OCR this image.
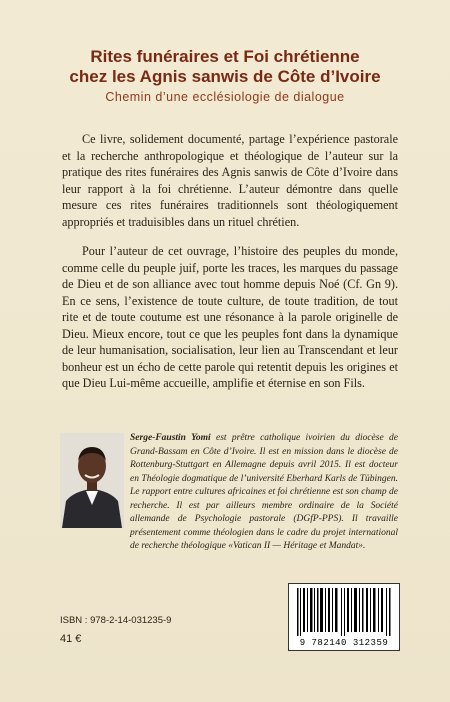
Rites funéraires et Foi chrétienne
chez les Agnis sanwis de Côte d’Ivoire
Chemin d’une ecclésiologie de dialogue
Ce livre, solidement documenté, partage l’expérience pastorale et la recherche anthropologique et théologique de l’auteur sur la pratique des rites funéraires des Agnis sanwis de Côte d’Ivoire dans leur rapport à la foi chrétienne. L’auteur démontre dans quelle mesure ces rites funéraires traditionnels sont théologiquement appropriés et traduisibles dans un rituel chrétien.
Pour l’auteur de cet ouvrage, l’histoire des peuples du monde, comme celle du peuple juif, porte les traces, les marques du passage de Dieu et de son alliance avec tout homme depuis Noé (Cf. Gn 9). En ce sens, l’existence de toute culture, de toute tradition, de tout rite et de toute coutume est une résonance à la parole originelle de Dieu. Mieux encore, tout ce que les peuples font dans la dynamique de leur humanisation, socialisation, leur lien au Transcendant et leur bonheur est un écho de cette parole qui retentit depuis les origines et que Dieu Lui-même accueille, amplifie et éternise en son Fils.
Serge-Faustin Yomi est prêtre catholique ivoirien du diocèse de Grand-Bassam en Côte d’Ivoire. Il est en mission dans le diocèse de Rottenburg-Stuttgart en Allemagne depuis avril 2015. Il est docteur en Théologie dogmatique de l’université Eberhard Karls de Tübingen. Le rapport entre cultures africaines et foi chrétienne est son champ de recherche. Il est par ailleurs membre ordinaire de la Société allemande de Psychologie pastorale (DGfP-PPS). Il travaille présentement comme théologien dans le cadre du projet international de recherche théologique «Vatican II — Héritage et Mandat».
ISBN : 978-2-14-031235-9
41 €	9 782140 312359
